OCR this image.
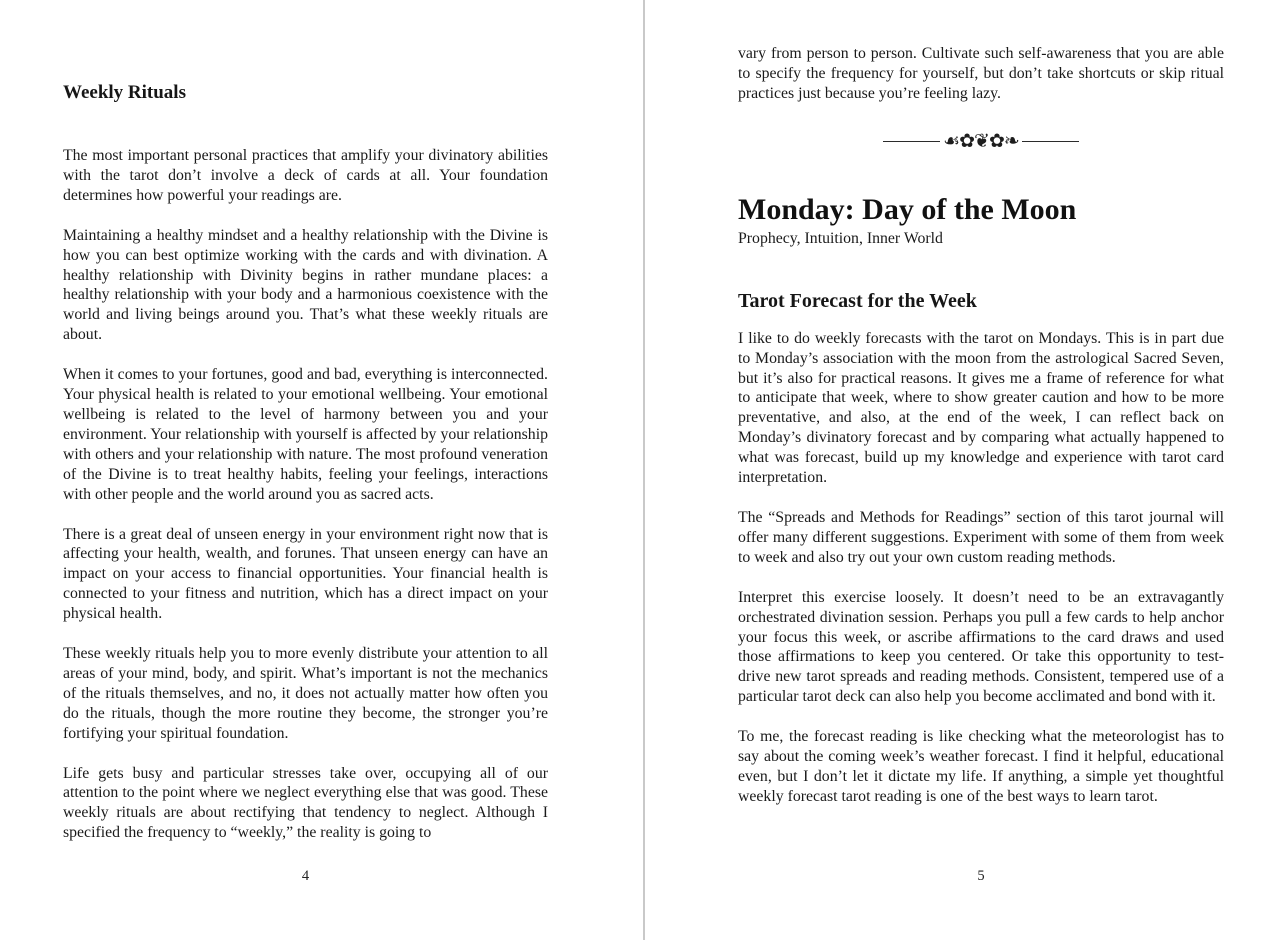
Weekly Rituals

The most important personal practices that amplify your divinatory abilities with the tarot don’t involve a deck of cards at all. Your foundation determines how powerful your readings are.

Maintaining a healthy mindset and a healthy relationship with the Divine is how you can best optimize working with the cards and with divination. A healthy relationship with Divinity begins in rather mundane places: a healthy relationship with your body and a harmonious coexistence with the world and living beings around you. That’s what these weekly rituals are about.

When it comes to your fortunes, good and bad, everything is interconnected. Your physical health is related to your emotional wellbeing. Your emotional wellbeing is related to the level of harmony between you and your environment. Your relationship with yourself is affected by your relationship with others and your relationship with nature. The most profound veneration of the Divine is to treat healthy habits, feeling your feelings, interactions with other people and the world around you as sacred acts.

There is a great deal of unseen energy in your environment right now that is affecting your health, wealth, and forunes. That unseen energy can have an impact on your access to financial opportunities. Your financial health is connected to your fitness and nutrition, which has a direct impact on your physical health.

These weekly rituals help you to more evenly distribute your attention to all areas of your mind, body, and spirit. What’s important is not the mechanics of the rituals themselves, and no, it does not actually matter how often you do the rituals, though the more routine they become, the stronger you’re fortifying your spiritual foundation.

Life gets busy and particular stresses take over, occupying all of our attention to the point where we neglect everything else that was good. These weekly rituals are about rectifying that tendency to neglect. Although I specified the frequency to “weekly,” the reality is going to

4

vary from person to person. Cultivate such self-awareness that you are able to specify the frequency for yourself, but don’t take shortcuts or skip ritual practices just because you’re feeling lazy.

☙✿❦✿❧
Monday: Day of the Moon
Prophecy, Intuition, Inner World
Tarot Forecast for the Week

I like to do weekly forecasts with the tarot on Mondays. This is in part due to Monday’s association with the moon from the astrological Sacred Seven, but it’s also for practical reasons. It gives me a frame of reference for what to anticipate that week, where to show greater caution and how to be more preventative, and also, at the end of the week, I can reflect back on Monday’s divinatory forecast and by comparing what actually happened to what was forecast, build up my knowledge and experience with tarot card interpretation.

The “Spreads and Methods for Readings” section of this tarot journal will offer many different suggestions. Experiment with some of them from week to week and also try out your own custom reading methods.

Interpret this exercise loosely. It doesn’t need to be an extravagantly orchestrated divination session. Perhaps you pull a few cards to help anchor your focus this week, or ascribe affirmations to the card draws and used those affirmations to keep you centered. Or take this opportunity to test-drive new tarot spreads and reading methods. Consistent, tempered use of a particular tarot deck can also help you become acclimated and bond with it.

To me, the forecast reading is like checking what the meteorologist has to say about the coming week’s weather forecast. I find it helpful, educational even, but I don’t let it dictate my life. If anything, a simple yet thoughtful weekly forecast tarot reading is one of the best ways to learn tarot.

5
